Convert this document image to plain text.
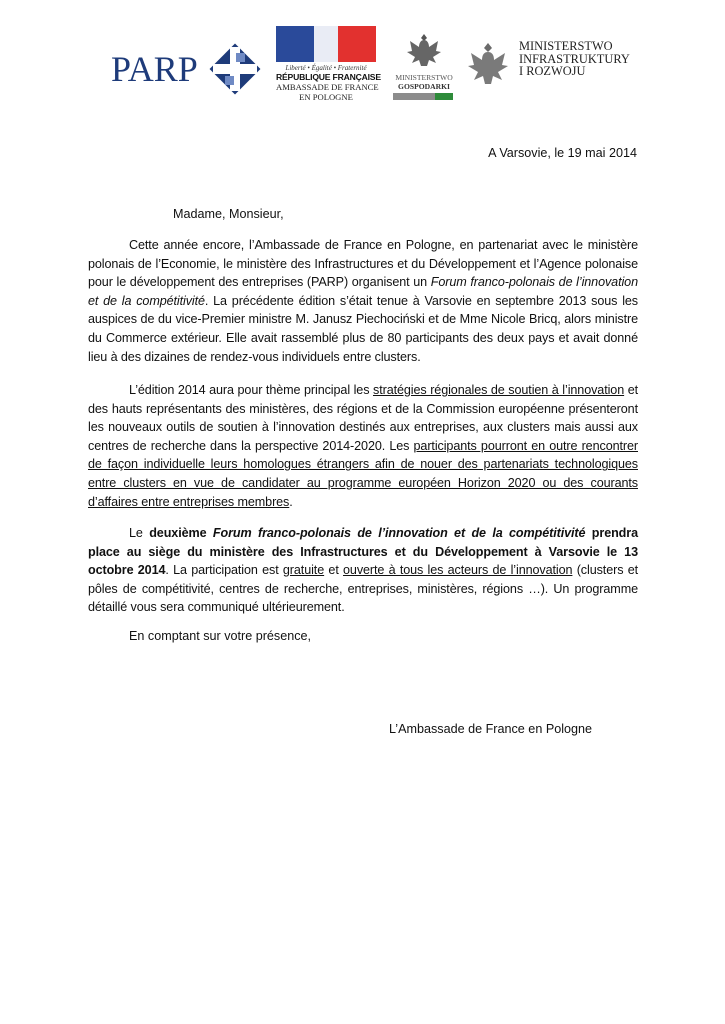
PARP	Liberté • Égalité • Fraternité
RÉPUBLIQUE FRANÇAISE
AMBASSADE DE FRANCE
EN POLOGNE
MINISTERSTWO
GOSPODARKI
MINISTERSTWO
INFRASTRUKTURY
I ROZWOJU
A Varsovie, le 19 mai 2014
Madame, Monsieur,

Cette année encore, l’Ambassade de France en Pologne, en partenariat avec le ministère polonais de l’Economie, le ministère des Infrastructures et du Développement et l’Agence polonaise pour le développement des entreprises (PARP) organisent un Forum franco-polonais de l’innovation et de la compétitivité. La précédente édition s’était tenue à Varsovie en septembre 2013 sous les auspices de du vice-Premier ministre M. Janusz Piechociński et de Mme Nicole Bricq, alors ministre du Commerce extérieur. Elle avait rassemblé plus de 80 participants des deux pays et avait donné lieu à des dizaines de rendez-vous individuels entre clusters.

L’édition 2014 aura pour thème principal les stratégies régionales de soutien à l’innovation et des hauts représentants des ministères, des régions et de la Commission européenne présenteront les nouveaux outils de soutien à l’innovation destinés aux entreprises, aux clusters mais aussi aux centres de recherche dans la perspective 2014-2020. Les participants pourront en outre rencontrer de façon individuelle leurs homologues étrangers afin de nouer des partenariats technologiques entre clusters en vue de candidater au programme européen Horizon 2020 ou des courants d’affaires entre entreprises membres.

Le deuxième Forum franco-polonais de l’innovation et de la compétitivité prendra place au siège du ministère des Infrastructures et du Développement à Varsovie le 13 octobre 2014. La participation est gratuite et ouverte à tous les acteurs de l’innovation (clusters et pôles de compétitivité, centres de recherche, entreprises, ministères, régions …). Un programme détaillé vous sera communiqué ultérieurement.

En comptant sur votre présence,
L’Ambassade de France en Pologne
